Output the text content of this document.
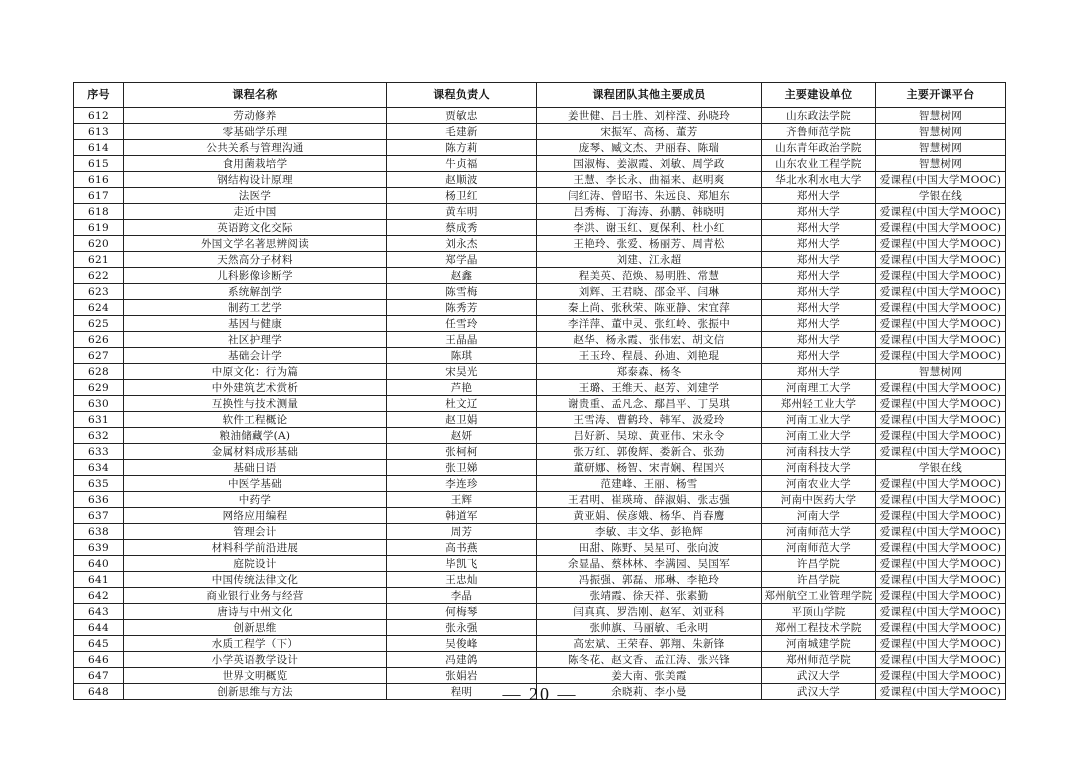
序号	课程名称	课程负责人	课程团队其他主要成员	主要建设单位	主要开课平台
612	劳动修养	贾敏忠	姜世健、吕士胜、刘梓滢、孙晓玲	山东政法学院	智慧树网
613	零基础学乐理	毛建新	宋振军、高杨、董芳	齐鲁师范学院	智慧树网
614	公共关系与管理沟通	陈方莉	庞琴、臧文杰、尹丽春、陈瑞	山东青年政治学院	智慧树网
615	食用菌栽培学	牛贞福	国淑梅、姜淑霞、刘敏、周学政	山东农业工程学院	智慧树网
616	钢结构设计原理	赵顺波	王慧、李长永、曲福来、赵明爽	华北水利水电大学	爱课程(中国大学MOOC)
617	法医学	杨卫红	闫红涛、曾昭书、朱远良、郑旭东	郑州大学	学银在线
618	走近中国	黄车明	吕秀梅、丁海涛、孙鹏、韩晓明	郑州大学	爱课程(中国大学MOOC)
619	英语跨文化交际	蔡成秀	李洪、谢玉红、夏保利、杜小红	郑州大学	爱课程(中国大学MOOC)
620	外国文学名著思辨阅读	刘永杰	王艳玲、张爱、杨丽芳、周青松	郑州大学	爱课程(中国大学MOOC)
621	天然高分子材料	郑学晶	刘建、江永超	郑州大学	爱课程(中国大学MOOC)
622	儿科影像诊断学	赵鑫	程美英、范焕、易明胜、常慧	郑州大学	爱课程(中国大学MOOC)
623	系统解剖学	陈雪梅	刘辉、王君晓、邵金平、闫琳	郑州大学	爱课程(中国大学MOOC)
624	制药工艺学	陈秀芳	秦上尚、张秋荣、陈亚静、宋宜萍	郑州大学	爱课程(中国大学MOOC)
625	基因与健康	任雪玲	李洋萍、董中灵、张红岭、张振中	郑州大学	爱课程(中国大学MOOC)
626	社区护理学	王晶晶	赵华、杨永霞、张伟宏、胡文信	郑州大学	爱课程(中国大学MOOC)
627	基础会计学	陈琪	王玉玲、程晨、孙迪、刘艳琨	郑州大学	爱课程(中国大学MOOC)
628	中原文化：行为篇	宋昊光	郑泰森、杨冬	郑州大学	智慧树网
629	中外建筑艺术赏析	芦艳	王璐、王维天、赵芳、刘建学	河南理工大学	爱课程(中国大学MOOC)
630	互换性与技术测量	杜文辽	谢贵重、孟凡念、鄢昌平、丁昊琪	郑州轻工业大学	爱课程(中国大学MOOC)
631	软件工程概论	赵卫娟	王雪涛、曹鹤玲、韩军、汲爱玲	河南工业大学	爱课程(中国大学MOOC)
632	粮油储藏学(A)	赵妍	吕好新、吴琼、黄亚伟、宋永令	河南工业大学	爱课程(中国大学MOOC)
633	金属材料成形基础	张柯柯	张万红、郭俊辉、娄新合、张劲	河南科技大学	爱课程(中国大学MOOC)
634	基础日语	张卫娣	董研娜、杨智、宋青娴、程国兴	河南科技大学	学银在线
635	中医学基础	李连珍	范建峰、王丽、杨雪	河南农业大学	爱课程(中国大学MOOC)
636	中药学	王辉	王君明、崔瑛琦、薛淑娟、张志强	河南中医药大学	爱课程(中国大学MOOC)
637	网络应用编程	韩道军	黄亚娟、侯彦娥、杨华、肖春鹰	河南大学	爱课程(中国大学MOOC)
638	管理会计	周芳	李敏、丰文华、彭艳辉	河南师范大学	爱课程(中国大学MOOC)
639	材料科学前沿进展	高书燕	田甜、陈野、吴星可、张向波	河南师范大学	爱课程(中国大学MOOC)
640	庭院设计	毕凯飞	余显晶、蔡林林、李满园、吴国军	许昌学院	爱课程(中国大学MOOC)
641	中国传统法律文化	王忠灿	冯振强、郭磊、邢琳、李艳玲	许昌学院	爱课程(中国大学MOOC)
642	商业银行业务与经营	李晶	张靖霞、徐天祥、张素勤	郑州航空工业管理学院	爱课程(中国大学MOOC)
643	唐诗与中州文化	何梅琴	闫真真、罗浩刚、赵军、刘亚科	平顶山学院	爱课程(中国大学MOOC)
644	创新思维	张永强	张帅旗、马丽敏、毛永明	郑州工程技术学院	爱课程(中国大学MOOC)
645	水质工程学（下）	吴俊峰	高宏斌、王荣春、郭翔、朱新锋	河南城建学院	爱课程(中国大学MOOC)
646	小学英语教学设计	冯建鸽	陈冬花、赵文香、孟江涛、张兴锋	郑州师范学院	爱课程(中国大学MOOC)
647	世界文明概览	张娟岩	姜大南、张美霞	武汉大学	爱课程(中国大学MOOC)
648	创新思维与方法	程明	余晓莉、李小曼	武汉大学	爱课程(中国大学MOOC)
— 20 —
